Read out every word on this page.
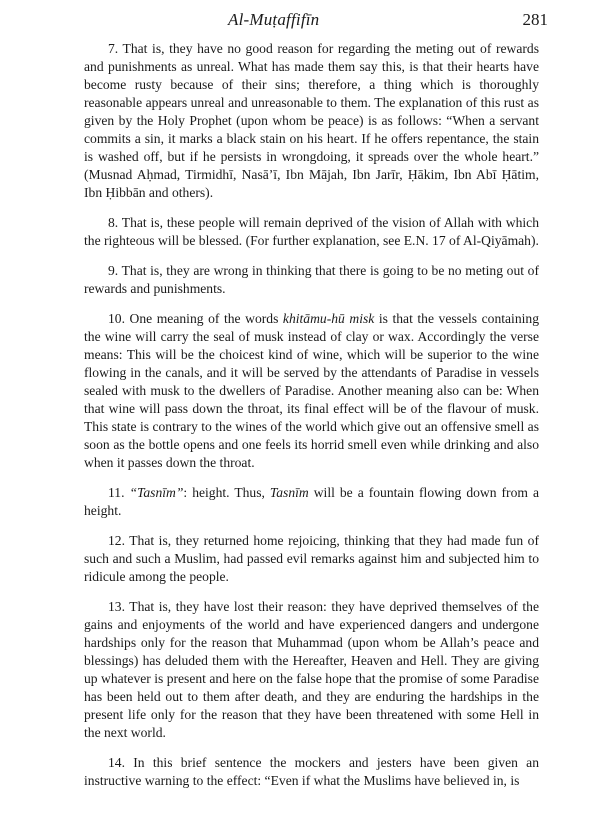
Al-Muṭaffifīn	281

7. That is, they have no good reason for regarding the meting out of rewards and punishments as unreal. What has made them say this, is that their hearts have become rusty because of their sins; therefore, a thing which is thoroughly reasonable appears unreal and unreasonable to them. The explanation of this rust as given by the Holy Prophet (upon whom be peace) is as follows: “When a servant commits a sin, it marks a black stain on his heart. If he offers repentance, the stain is washed off, but if he persists in wrongdoing, it spreads over the whole heart.” (Musnad Aḥmad, Tirmidhī, Nasā’ī, Ibn Mājah, Ibn Jarīr, Ḥākim, Ibn Abī Ḥātim, Ibn Ḥibbān and others).

8. That is, these people will remain deprived of the vision of Allah with which the righteous will be blessed. (For further explanation, see E.N. 17 of Al-Qiyāmah).

9. That is, they are wrong in thinking that there is going to be no meting out of rewards and punishments.

10. One meaning of the words khitāmu-hū misk is that the vessels containing the wine will carry the seal of musk instead of clay or wax. Accordingly the verse means: This will be the choicest kind of wine, which will be superior to the wine flowing in the canals, and it will be served by the attendants of Paradise in vessels sealed with musk to the dwellers of Paradise. Another meaning also can be: When that wine will pass down the throat, its final effect will be of the flavour of musk. This state is contrary to the wines of the world which give out an offensive smell as soon as the bottle opens and one feels its horrid smell even while drinking and also when it passes down the throat.

11. “Tasnīm”: height. Thus, Tasnīm will be a fountain flowing down from a height.

12. That is, they returned home rejoicing, thinking that they had made fun of such and such a Muslim, had passed evil remarks against him and subjected him to ridicule among the people.

13. That is, they have lost their reason: they have deprived themselves of the gains and enjoyments of the world and have experienced dangers and undergone hardships only for the reason that Muhammad (upon whom be Allah’s peace and blessings) has deluded them with the Hereafter, Heaven and Hell. They are giving up whatever is present and here on the false hope that the promise of some Paradise has been held out to them after death, and they are enduring the hardships in the present life only for the reason that they have been threatened with some Hell in the next world.

14. In this brief sentence the mockers and jesters have been given an instructive warning to the effect: “Even if what the Muslims have believed in, is
